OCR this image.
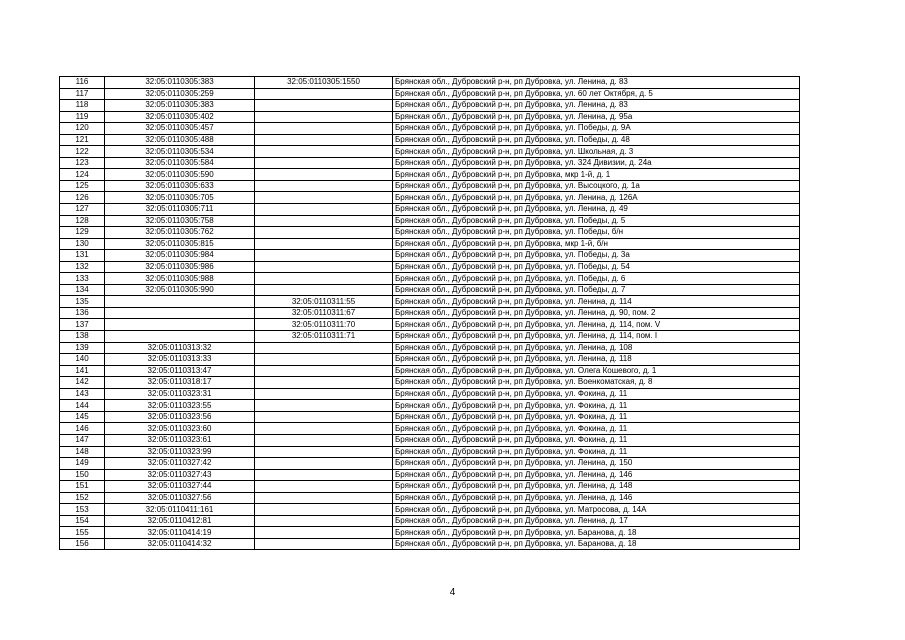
116	32:05:0110305:383	32:05:0110305:1550	Брянская обл., Дубровский р-н, рп Дубровка, ул. Ленина, д. 83
117	32:05:0110305:259		Брянская обл., Дубровский р-н, рп Дубровка, ул. 60 лет Октября, д. 5
118	32:05:0110305:383		Брянская обл., Дубровский р-н, рп Дубровка, ул. Ленина, д. 83
119	32:05:0110305:402		Брянская обл., Дубровский р-н, рп Дубровка, ул. Ленина, д. 95а
120	32:05:0110305:457		Брянская обл., Дубровский р-н, рп Дубровка, ул. Победы, д. 9А
121	32:05:0110305:488		Брянская обл., Дубровский р-н, рп Дубровка, ул. Победы, д. 48
122	32:05:0110305:534		Брянская обл., Дубровский р-н, рп Дубровка, ул. Школьная, д. 3
123	32:05:0110305:584		Брянская обл., Дубровский р-н, рп Дубровка, ул. 324 Дивизии, д. 24а
124	32:05:0110305:590		Брянская обл., Дубровский р-н, рп Дубровка, мкр 1-й, д. 1
125	32:05:0110305:633		Брянская обл., Дубровский р-н, рп Дубровка, ул. Высоцкого, д. 1а
126	32:05:0110305:705		Брянская обл., Дубровский р-н, рп Дубровка, ул. Ленина, д. 126А
127	32:05:0110305:711		Брянская обл., Дубровский р-н, рп Дубровка, ул. Ленина, д. 49
128	32:05:0110305:758		Брянская обл., Дубровский р-н, рп Дубровка, ул. Победы, д. 5
129	32:05:0110305:762		Брянская обл., Дубровский р-н, рп Дубровка, ул. Победы, б/н
130	32:05:0110305:815		Брянская обл., Дубровский р-н, рп Дубровка, мкр 1-й, б/н
131	32:05:0110305:984		Брянская обл., Дубровский р-н, рп Дубровка, ул. Победы, д. 3а
132	32:05:0110305:986		Брянская обл., Дубровский р-н, рп Дубровка, ул. Победы, д. 54
133	32:05:0110305:988		Брянская обл., Дубровский р-н, рп Дубровка, ул. Победы, д. 6
134	32:05:0110305:990		Брянская обл., Дубровский р-н, рп Дубровка, ул. Победы, д. 7
135		32:05:0110311:55	Брянская обл., Дубровский р-н, рп Дубровка, ул. Ленина, д. 114
136		32:05:0110311:67	Брянская обл., Дубровский р-н, рп Дубровка, ул. Ленина, д. 90, пом. 2
137		32:05:0110311:70	Брянская обл., Дубровский р-н, рп Дубровка, ул. Ленина, д. 114, пом. V
138		32:05:0110311:71	Брянская обл., Дубровский р-н, рп Дубровка, ул. Ленина, д. 114, пом. I
139	32:05:0110313:32		Брянская обл., Дубровский р-н, рп Дубровка, ул. Ленина, д. 108
140	32:05:0110313:33		Брянская обл., Дубровский р-н, рп Дубровка, ул. Ленина, д. 118
141	32:05:0110313:47		Брянская обл., Дубровский р-н, рп Дубровка, ул. Олега Кошевого, д. 1
142	32:05:0110318:17		Брянская обл., Дубровский р-н, рп Дубровка, ул. Военкоматская, д. 8
143	32:05:0110323:31		Брянская обл., Дубровский р-н, рп Дубровка, ул. Фокина, д. 11
144	32:05:0110323:55		Брянская обл., Дубровский р-н, рп Дубровка, ул. Фокина, д. 11
145	32:05:0110323:56		Брянская обл., Дубровский р-н, рп Дубровка, ул. Фокина, д. 11
146	32:05:0110323:60		Брянская обл., Дубровский р-н, рп Дубровка, ул. Фокина, д. 11
147	32:05:0110323:61		Брянская обл., Дубровский р-н, рп Дубровка, ул. Фокина, д. 11
148	32:05:0110323:99		Брянская обл., Дубровский р-н, рп Дубровка, ул. Фокина, д. 11
149	32:05:0110327:42		Брянская обл., Дубровский р-н, рп Дубровка, ул. Ленина, д. 150
150	32:05:0110327:43		Брянская обл., Дубровский р-н, рп Дубровка, ул. Ленина, д. 146
151	32:05:0110327:44		Брянская обл., Дубровский р-н, рп Дубровка, ул. Ленина, д. 148
152	32:05:0110327:56		Брянская обл., Дубровский р-н, рп Дубровка, ул. Ленина, д. 146
153	32:05:0110411:161		Брянская обл., Дубровский р-н, рп Дубровка, ул. Матросова, д. 14А
154	32:05:0110412:81		Брянская обл., Дубровский р-н, рп Дубровка, ул. Ленина, д. 17
155	32:05:0110414:19		Брянская обл., Дубровский р-н, рп Дубровка, ул. Баранова, д. 18
156	32:05:0110414:32		Брянская обл., Дубровский р-н, рп Дубровка, ул. Баранова, д. 18
4
